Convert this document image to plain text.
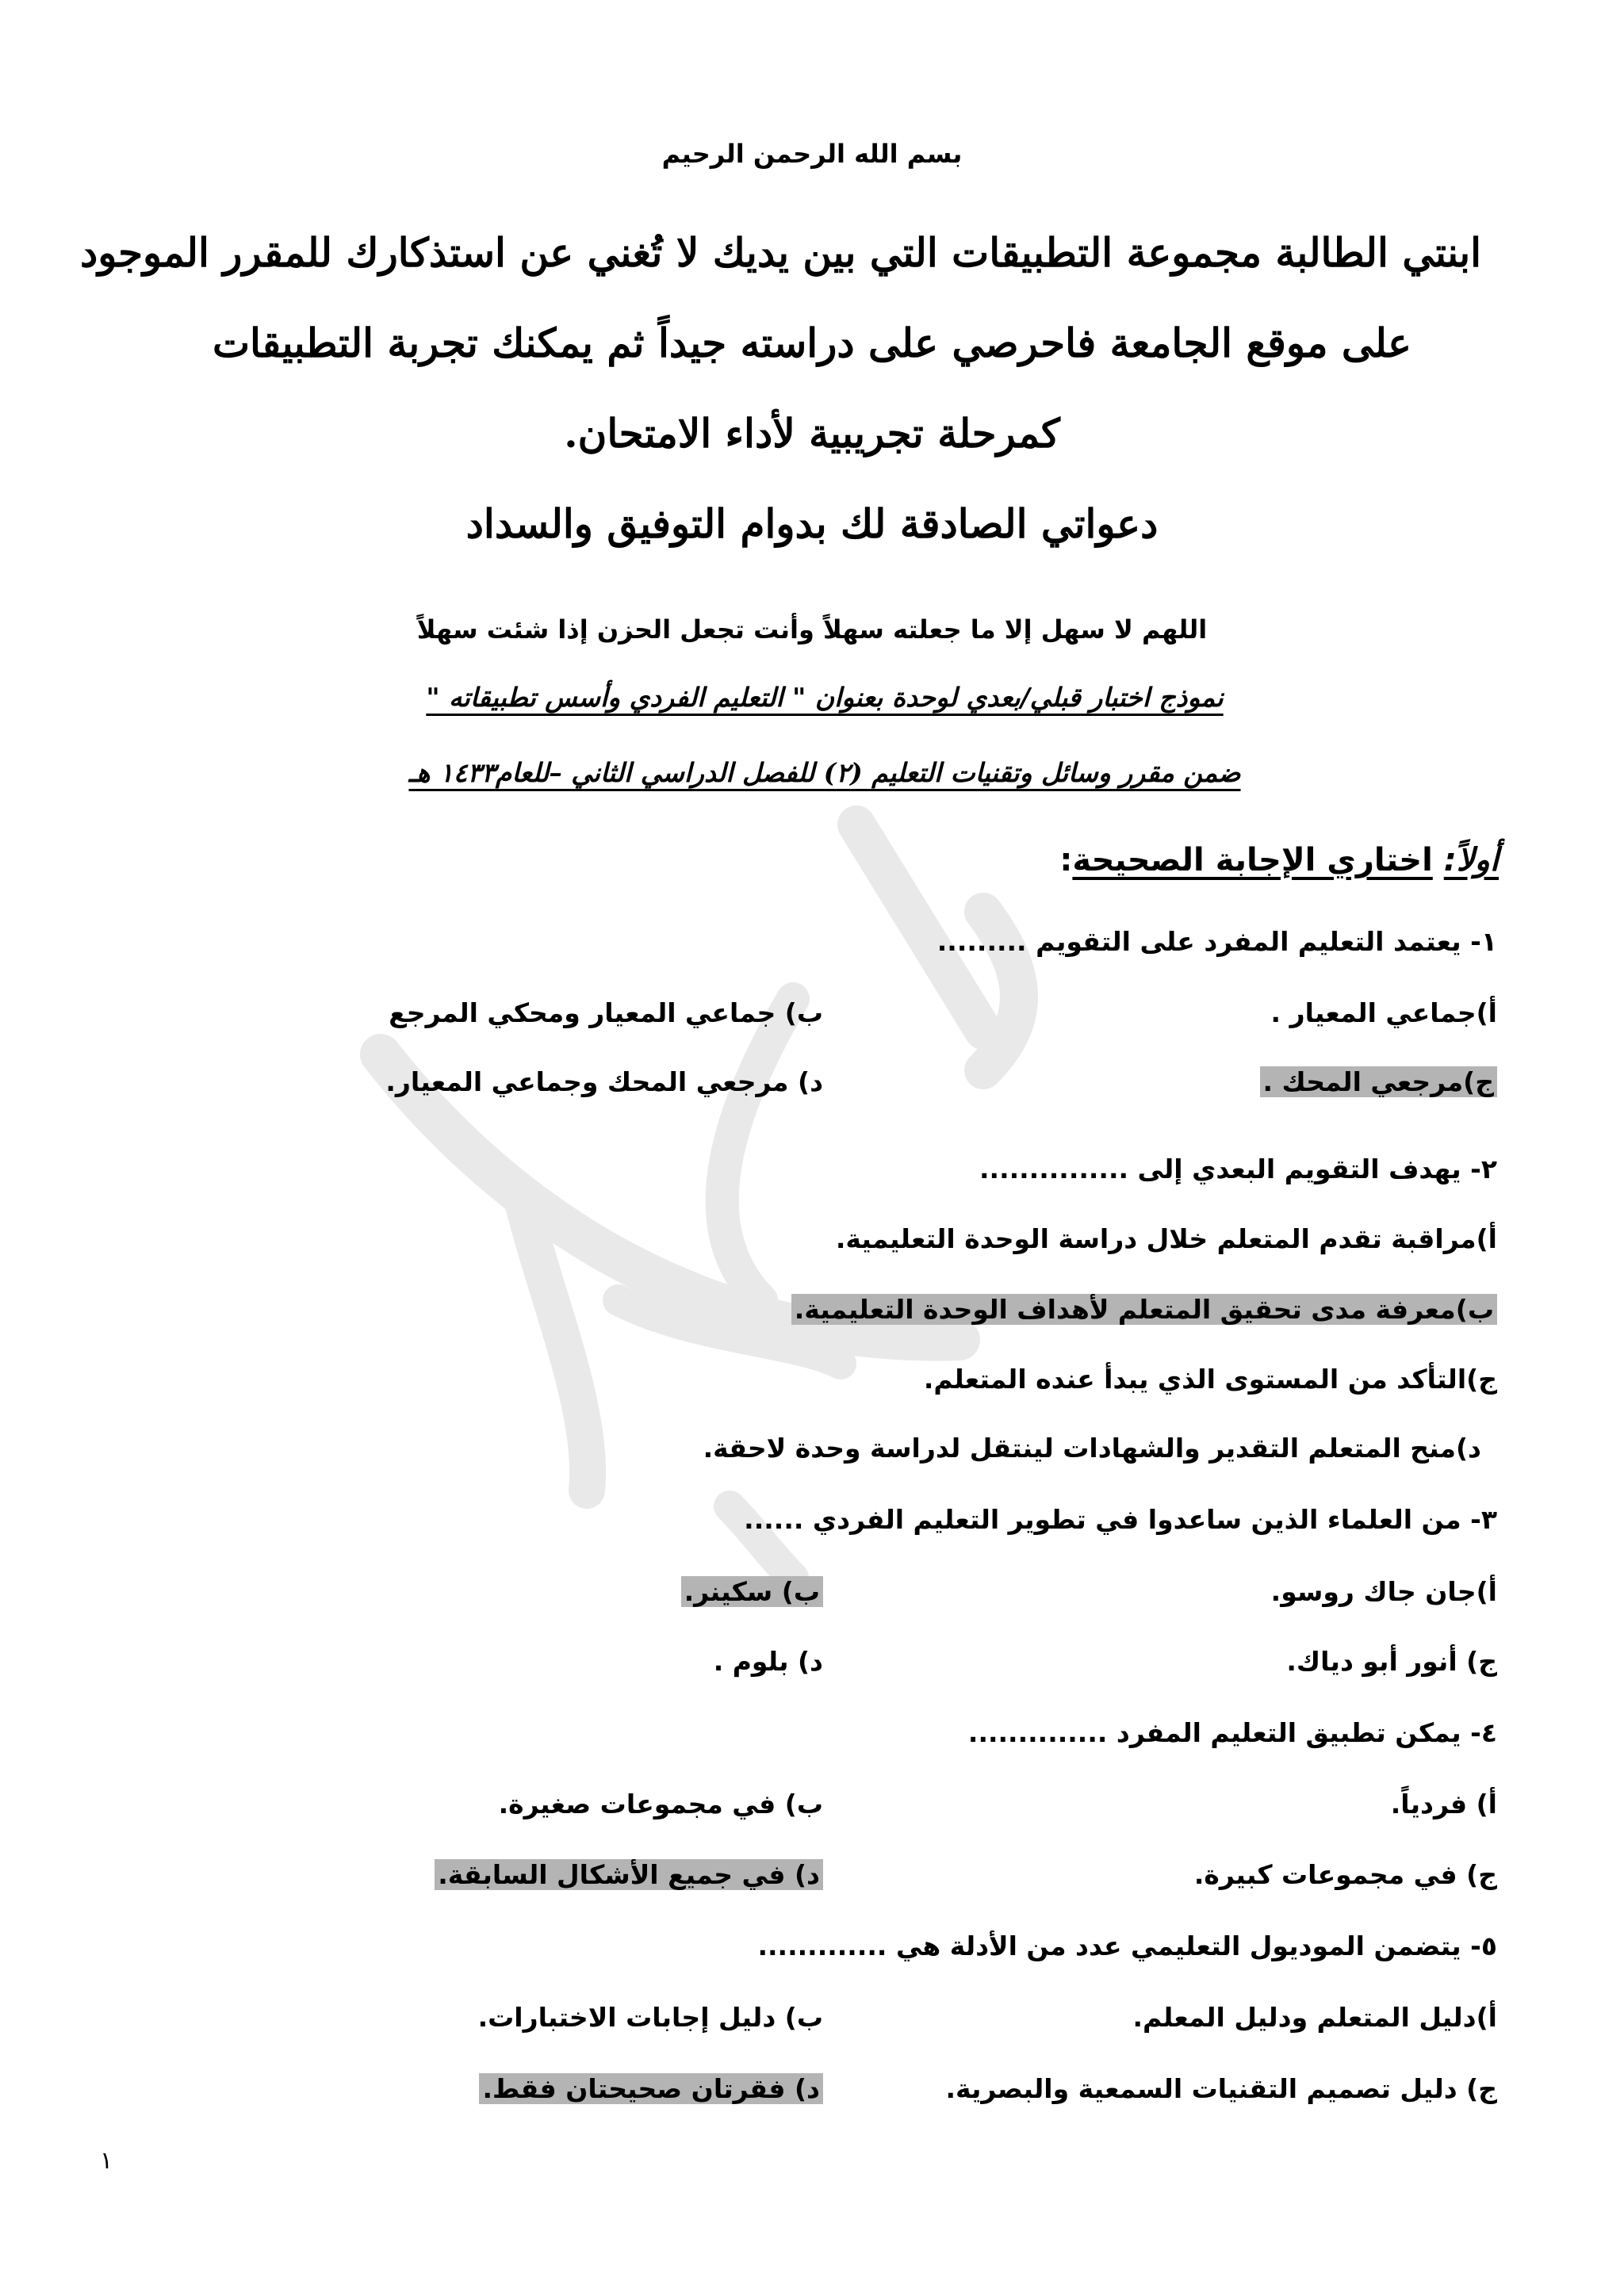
بسم الله الرحمن الرحيم
ابنتي الطالبة مجموعة التطبيقات التي بين يديك لا تُغني عن استذكارك للمقرر الموجود
على موقع الجامعة فاحرصي على دراسته جيداً ثم يمكنك تجربة التطبيقات
كمرحلة تجريبية لأداء الامتحان.
دعواتي الصادقة لك بدوام التوفيق والسداد
اللهم لا سهل إلا ما جعلته سهلاً وأنت تجعل الحزن إذا شئت سهلاً
نموذج اختبار قبلي/بعدي لوحدة بعنوان " التعليم الفردي وأسس تطبيقاته "
ضمن مقرر وسائل وتقنيات التعليم (٢) للفصل الدراسي الثاني –للعام١٤٣٣ هـ
أولاً: اختاري الإجابة الصحيحة:
١- يعتمد التعليم المفرد على التقويم .........
أ)جماعي المعيار .
ب) جماعي المعيار ومحكي المرجع
ج)مرجعي المحك .
د) مرجعي المحك وجماعي المعيار.
٢- يهدف التقويم البعدي إلى ...............
أ)مراقبة تقدم المتعلم خلال دراسة الوحدة التعليمية.
ب)معرفة مدى تحقيق المتعلم لأهداف الوحدة التعليمية.
ج)التأكد من المستوى الذي يبدأ عنده المتعلم.
د)منح المتعلم التقدير والشهادات لينتقل لدراسة وحدة لاحقة.
٣- من العلماء الذين ساعدوا في تطوير التعليم الفردي ......
أ)جان جاك روسو.
ب) سكينر.
ج) أنور أبو دياك.
د) بلوم .
٤- يمكن تطبيق التعليم المفرد ..............
أ) فردياً.
ب) في مجموعات صغيرة.
ج) في مجموعات كبيرة.
د) في جميع الأشكال السابقة.
٥- يتضمن الموديول التعليمي عدد من الأدلة هي .............
أ)دليل المتعلم ودليل المعلم.
ب) دليل إجابات الاختبارات.
ج) دليل تصميم التقنيات السمعية والبصرية.
د) فقرتان صحيحتان فقط.
١
